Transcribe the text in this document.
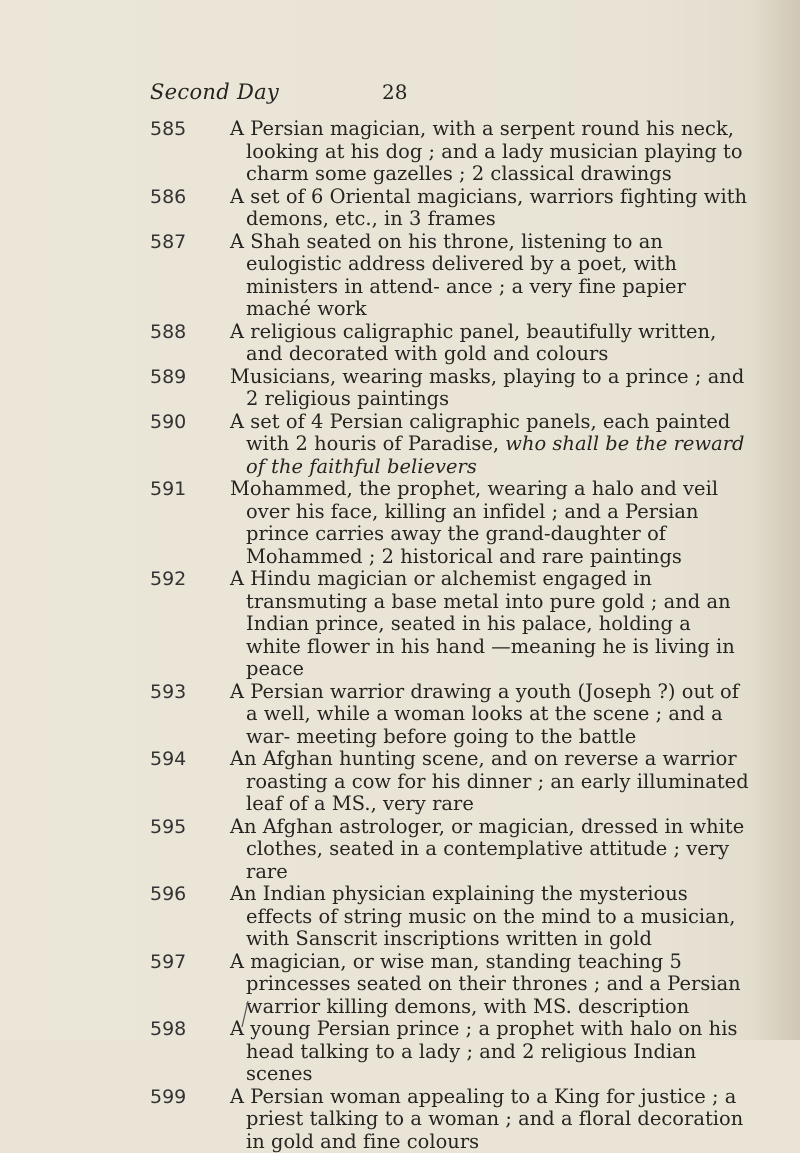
Second Day	28
585 A Persian magician, with a serpent round his neck, looking at his dog ; and a lady musician playing to charm some gazelles ; 2 classical drawings
586 A set of 6 Oriental magicians, warriors fighting with demons, etc., in 3 frames
587 A Shah seated on his throne, listening to an eulogistic address delivered by a poet, with ministers in attend- ance ; a very fine papier maché work
588 A religious caligraphic panel, beautifully written, and decorated with gold and colours
589 Musicians, wearing masks, playing to a prince ; and 2 religious paintings
590 A set of 4 Persian caligraphic panels, each painted with 2 houris of Paradise, who shall be the reward of the faithful believers
591 Mohammed, the prophet, wearing a halo and veil over his face, killing an infidel ; and a Persian prince carries away the grand-daughter of Mohammed ; 2 historical and rare paintings
592 A Hindu magician or alchemist engaged in transmuting a base metal into pure gold ; and an Indian prince, seated in his palace, holding a white flower in his hand —meaning he is living in peace
593 A Persian warrior drawing a youth (Joseph ?) out of a well, while a woman looks at the scene ; and a war- meeting before going to the battle
594 An Afghan hunting scene, and on reverse a warrior roasting a cow for his dinner ; an early illuminated leaf of a MS., very rare
595 An Afghan astrologer, or magician, dressed in white clothes, seated in a contemplative attitude ; very rare
596 An Indian physician explaining the mysterious effects of string music on the mind to a musician, with Sanscrit inscriptions written in gold
597 A magician, or wise man, standing teaching 5 princesses seated on their thrones ; and a Persian warrior killing demons, with MS. description
598 A young Persian prince ; a prophet with halo on his head talking to a lady ; and 2 religious Indian scenes
599 A Persian woman appealing to a King for justice ; a priest talking to a woman ; and a floral decoration in gold and fine colours
